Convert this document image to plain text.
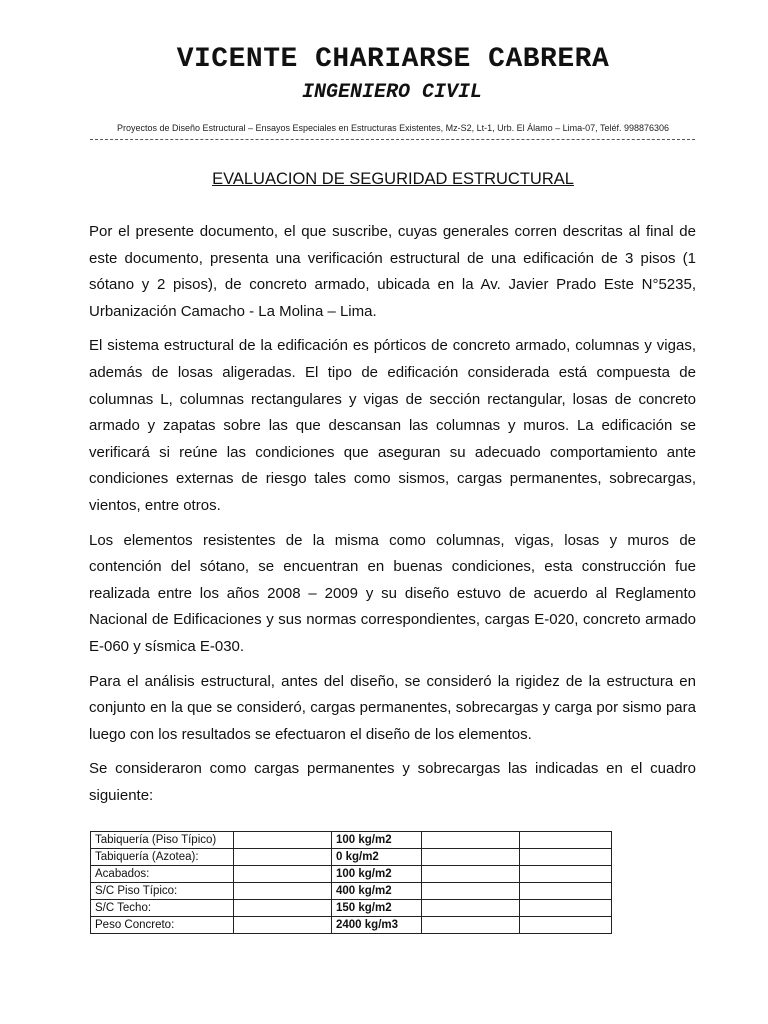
VICENTE CHARIARSE CABRERA
INGENIERO CIVIL
Proyectos de Diseño Estructural – Ensayos Especiales en Estructuras Existentes, Mz-S2, Lt-1, Urb. El Álamo – Lima-07, Teléf. 998876306
EVALUACION DE SEGURIDAD ESTRUCTURAL

Por el presente documento, el que suscribe, cuyas generales corren descritas al final de este documento, presenta una verificación estructural de una edificación de 3 pisos (1 sótano y 2 pisos), de concreto armado, ubicada en la Av. Javier Prado Este N°5235, Urbanización Camacho - La Molina – Lima.

El sistema estructural de la edificación es pórticos de concreto armado, columnas y vigas, además de losas aligeradas. El tipo de edificación considerada está compuesta de columnas L, columnas rectangulares y vigas de sección rectangular, losas de concreto armado y zapatas sobre las que descansan las columnas y muros. La edificación se verificará si reúne las condiciones que aseguran su adecuado comportamiento ante condiciones externas de riesgo tales como sismos, cargas permanentes, sobrecargas, vientos, entre otros.

Los elementos resistentes de la misma como columnas, vigas, losas y muros de contención del sótano, se encuentran en buenas condiciones, esta construcción fue realizada entre los años 2008 – 2009 y su diseño estuvo de acuerdo al Reglamento Nacional de Edificaciones y sus normas correspondientes, cargas E-020, concreto armado E-060 y sísmica E-030.

Para el análisis estructural, antes del diseño, se consideró la rigidez de la estructura en conjunto en la que se consideró, cargas permanentes, sobrecargas y carga por sismo para luego con los resultados se efectuaron el diseño de los elementos.

Se consideraron como cargas permanentes y sobrecargas las indicadas en el cuadro siguiente:

Tabiquería (Piso Típico)		100 kg/m2		
Tabiquería (Azotea):		0 kg/m2		
Acabados:		100 kg/m2		
S/C Piso Típico:		400 kg/m2		
S/C Techo:		150 kg/m2		
Peso Concreto:		2400 kg/m3		
